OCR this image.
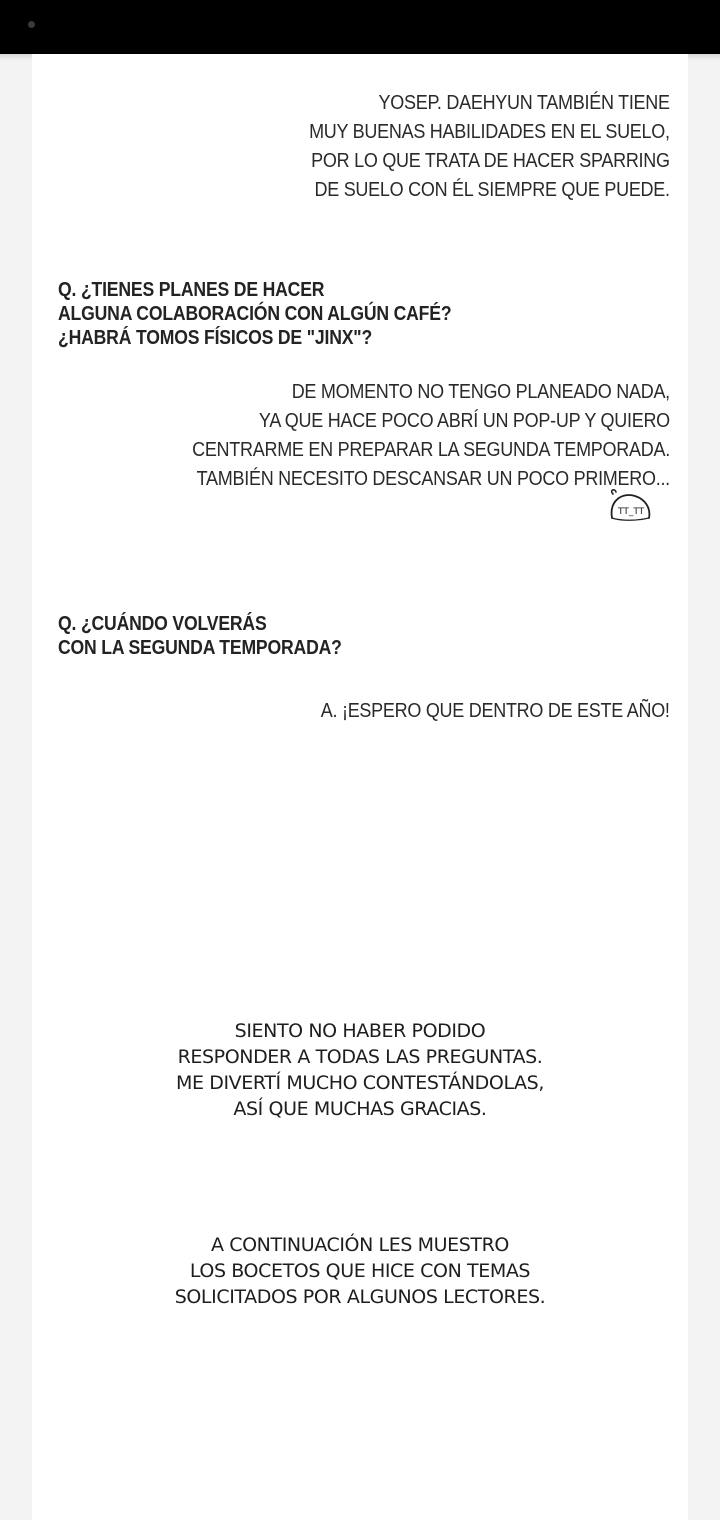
YOSEP. DAEHYUN TAMBIÉN TIENE
MUY BUENAS HABILIDADES EN EL SUELO,
POR LO QUE TRATA DE HACER SPARRING
DE SUELO CON ÉL SIEMPRE QUE PUEDE.
Q. ¿TIENES PLANES DE HACER
ALGUNA COLABORACIÓN CON ALGÚN CAFÉ?
¿HABRÁ TOMOS FÍSICOS DE "JINX"?
DE MOMENTO NO TENGO PLANEADO NADA,
YA QUE HACE POCO ABRÍ UN POP-UP Y QUIERO
CENTRARME EN PREPARAR LA SEGUNDA TEMPORADA.
TAMBIÉN NECESITO DESCANSAR UN POCO PRIMERO...
TT_TT
Q. ¿CUÁNDO VOLVERÁS
CON LA SEGUNDA TEMPORADA?
A. ¡ESPERO QUE DENTRO DE ESTE AÑO!
SIENTO NO HABER PODIDO
RESPONDER A TODAS LAS PREGUNTAS.
ME DIVERTÍ MUCHO CONTESTÁNDOLAS,
ASÍ QUE MUCHAS GRACIAS.
A CONTINUACIÓN LES MUESTRO
LOS BOCETOS QUE HICE CON TEMAS
SOLICITADOS POR ALGUNOS LECTORES.
